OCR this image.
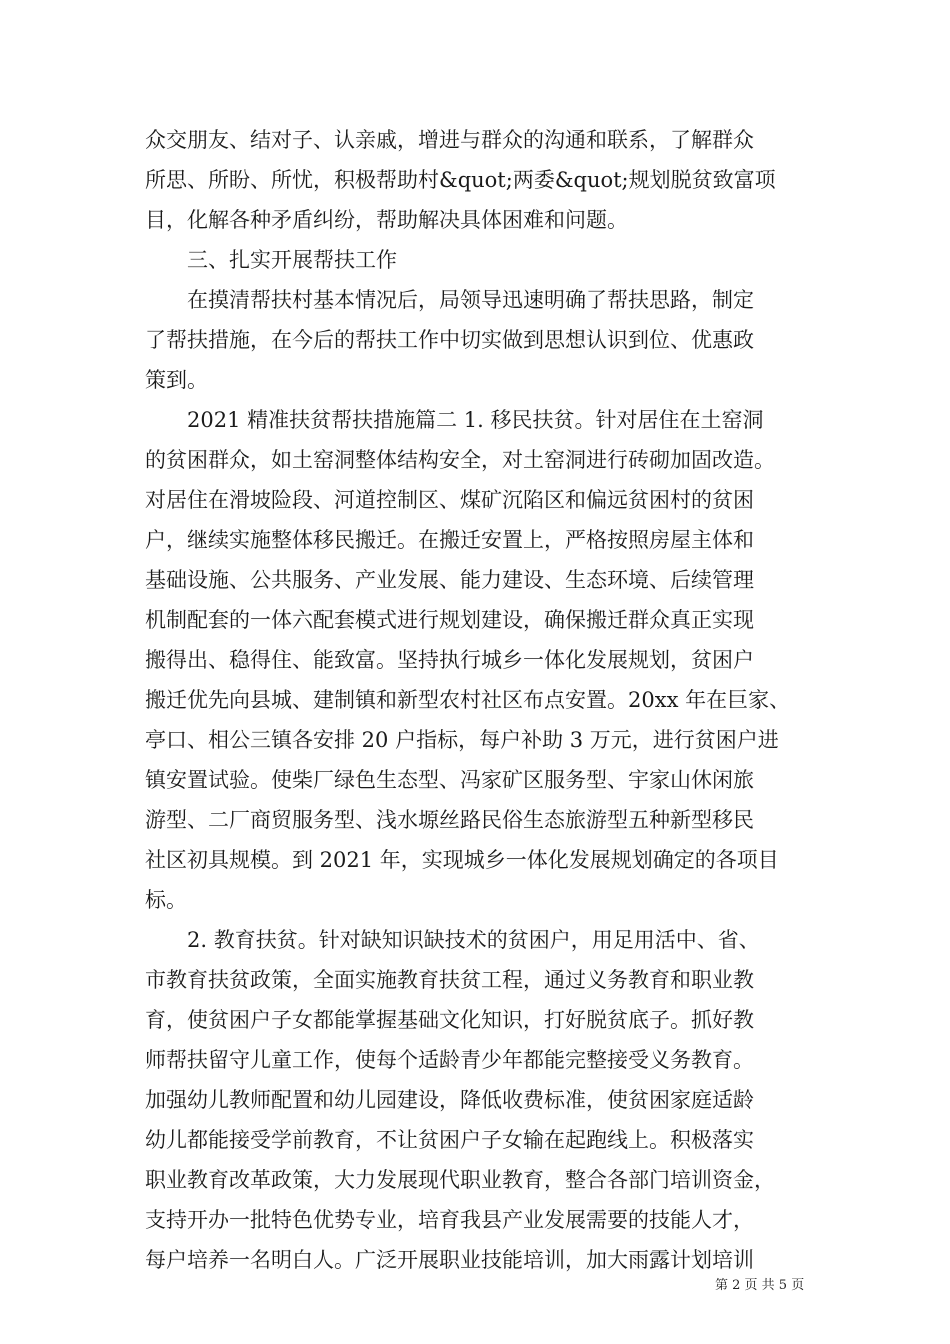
众交朋友、结对子、认亲戚，增进与群众的沟通和联系，了解群众
所思、所盼、所忧，积极帮助村&quot;两委&quot;规划脱贫致富项
目，化解各种矛盾纠纷，帮助解决具体困难和问题。
三、扎实开展帮扶工作
在摸清帮扶村基本情况后，局领导迅速明确了帮扶思路，制定
了帮扶措施，在今后的帮扶工作中切实做到思想认识到位、优惠政
策到。
2021 精准扶贫帮扶措施篇二 1. 移民扶贫。针对居住在土窑洞
的贫困群众，如土窑洞整体结构安全，对土窑洞进行砖砌加固改造。
对居住在滑坡险段、河道控制区、煤矿沉陷区和偏远贫困村的贫困
户，继续实施整体移民搬迁。在搬迁安置上，严格按照房屋主体和
基础设施、公共服务、产业发展、能力建设、生态环境、后续管理
机制配套的一体六配套模式进行规划建设，确保搬迁群众真正实现
搬得出、稳得住、能致富。坚持执行城乡一体化发展规划，贫困户
搬迁优先向县城、建制镇和新型农村社区布点安置。20xx 年在巨家、
亭口、相公三镇各安排 20 户指标，每户补助 3 万元，进行贫困户进
镇安置试验。使柴厂绿色生态型、冯家矿区服务型、宇家山休闲旅
游型、二厂商贸服务型、浅水塬丝路民俗生态旅游型五种新型移民
社区初具规模。到 2021 年，实现城乡一体化发展规划确定的各项目
标。
2. 教育扶贫。针对缺知识缺技术的贫困户，用足用活中、省、
市教育扶贫政策，全面实施教育扶贫工程，通过义务教育和职业教
育，使贫困户子女都能掌握基础文化知识，打好脱贫底子。抓好教
师帮扶留守儿童工作，使每个适龄青少年都能完整接受义务教育。
加强幼儿教师配置和幼儿园建设，降低收费标准，使贫困家庭适龄
幼儿都能接受学前教育，不让贫困户子女输在起跑线上。积极落实
职业教育改革政策，大力发展现代职业教育，整合各部门培训资金，
支持开办一批特色优势专业，培育我县产业发展需要的技能人才，
每户培养一名明白人。广泛开展职业技能培训，加大雨露计划培训
第 2 页 共 5 页
